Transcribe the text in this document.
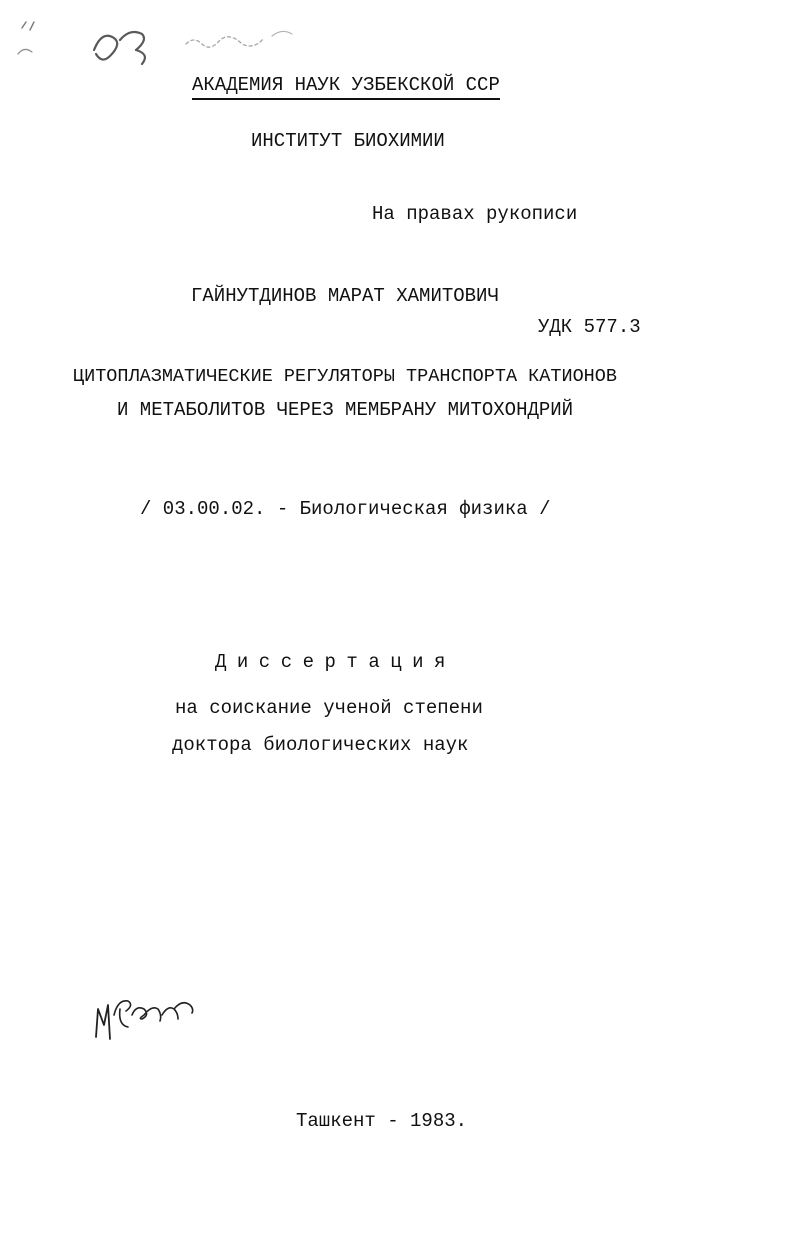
АКАДЕМИЯ НАУК УЗБЕКСКОЙ ССР
ИНСТИТУТ БИОХИМИИ
На правах рукописи
ГАЙНУТДИНОВ МАРАТ ХАМИТОВИЧ
УДК 577.3
ЦИТОПЛАЗМАТИЧЕСКИЕ РЕГУЛЯТОРЫ ТРАНСПОРТА КАТИОНОВ
И МЕТАБОЛИТОВ ЧЕРЕЗ МЕМБРАНУ МИТОХОНДРИЙ
/ 03.00.02. - Биологическая физика /
Диссертация
на соискание ученой степени
доктора биологических наук
Ташкент - 1983.
